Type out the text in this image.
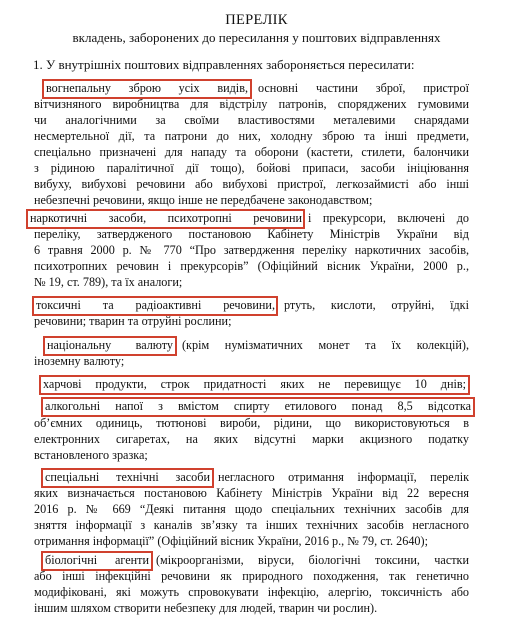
ПЕРЕЛІК
вкладень, заборонених до пересилання у поштових відправленнях
1. У внутрішніх поштових відправленнях забороняється пересилати:
вогнепальну зброю усіх видів, основні частини зброї, пристрої
вітчизняного виробництва для відстрілу патронів, споряджених гумовими
чи аналогічними за своїми властивостями металевими снарядами
несмертельної дії, та патрони до них, холодну зброю та інші предмети,
спеціально призначені для нападу та оборони (кастети, стилети, балончики
з рідиною паралітичної дії тощо), бойові припаси, засоби ініціювання
вибуху, вибухові речовини або вибухові пристрої, легкозаймисті або інші
небезпечні речовини, якщо інше не передбачене законодавством;
наркотичні засоби, психотропні речовини і прекурсори, включені до
переліку, затвердженого постановою Кабінету Міністрів України від
6 травня 2000 р. № 770 “Про затвердження переліку наркотичних засобів,
психотропних речовин і прекурсорів” (Офіційний вісник України, 2000 р.,
№ 19, ст. 789), та їх аналоги;
токсичні та радіоактивні речовини, ртуть, кислоти, отруйні, їдкі
речовини; тварин та отруйні рослини;
національну валюту (крім нумізматичних монет та їх колекцій),
іноземну валюту;
харчові продукти, строк придатності яких не перевищує 10 днів;
алкогольні напої з вмістом спирту етилового понад 8,5 відсотка
об’ємних одиниць, тютюнові вироби, рідини, що використовуються в
електронних сигаретах, на яких відсутні марки акцизного податку
встановленого зразка;
спеціальні технічні засоби негласного отримання інформації, перелік
яких визначається постановою Кабінету Міністрів України від 22 вересня
2016 р. № 669 “Деякі питання щодо спеціальних технічних засобів для
зняття інформації з каналів зв’язку та інших технічних засобів негласного
отримання інформації” (Офіційний вісник України, 2016 р., № 79, ст. 2640);
біологічні агенти (мікроорганізми, віруси, біологічні токсини, частки
або інші інфекційні речовини як природного походження, так генетично
модифіковані, які можуть спровокувати інфекцію, алергію, токсичність або
іншим шляхом створити небезпеку для людей, тварин чи рослин).
